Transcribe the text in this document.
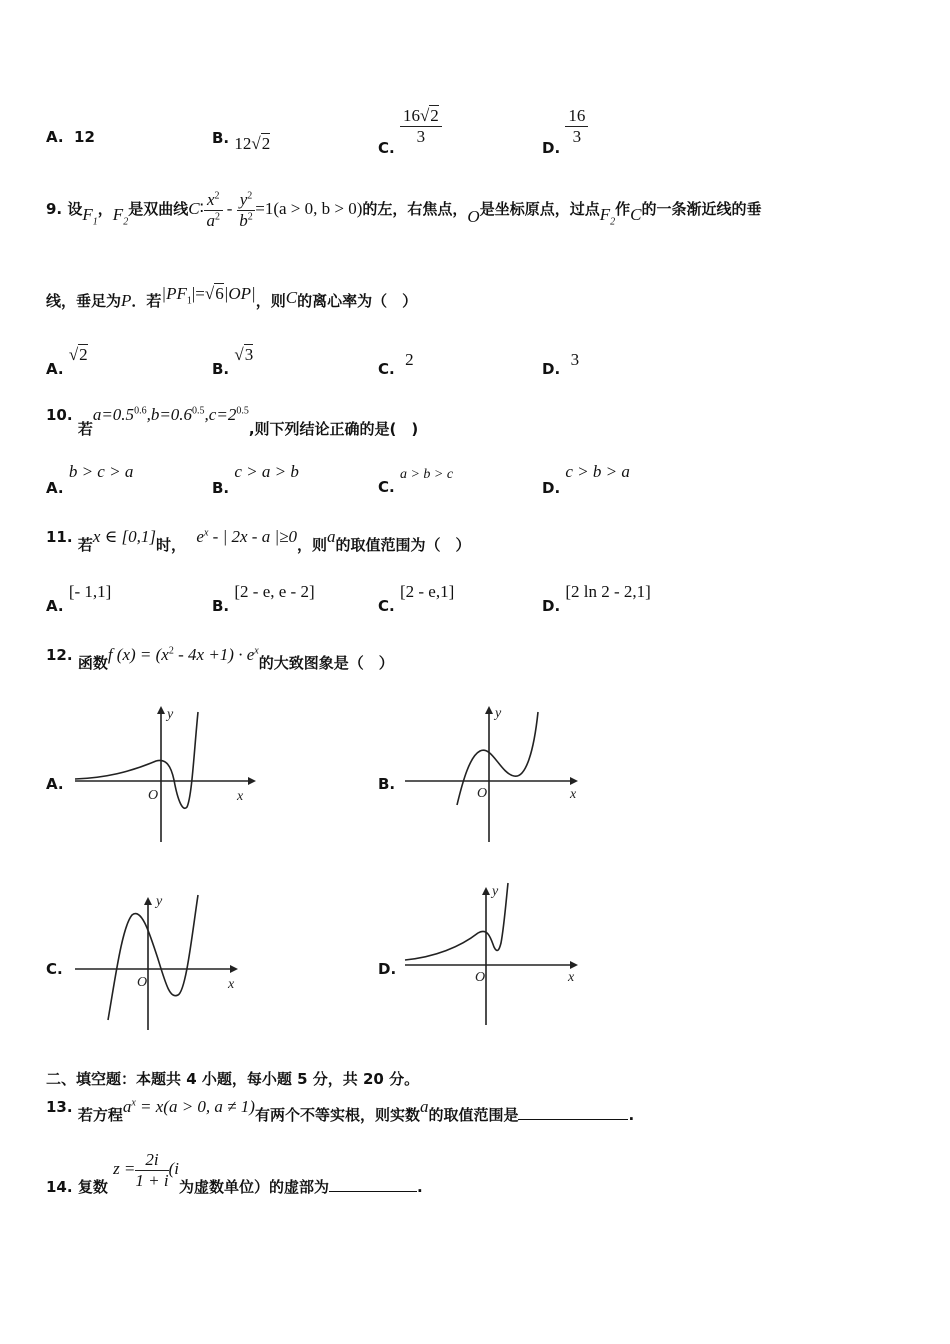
A. 12	B. 12√2	C.
$\frac{16√2}{3}$
D.
$\frac{16}{3}$
9. 设$F_1$，$F_2$是双曲线C∶ $\frac{x^2}{a^2} - \frac{y^2}{b^2} =1(a > 0$, b > 0)的左，右焦点，O是坐标原点，过点$F_2$作C的一条渐近线的垂
线，垂足为P．若$|PF_1|=√6|OP|$，则C的离心率为（　）
A. √2
B. √3
C. 2	D. 3
10. 若$a=0.5^{0.6},b=0.6^{0.5},c=2^{0.5}$,则下列结论正确的是(　)
A. b > c > a
B. c > a > b
C. a > b > c
D. c > b > a
11. 若x ∈ [0,1]时， $e^x$ - | 2x - a |≥0，则a的取值范围为（　）
A. [- 1,1]
B. [2 - e, e - 2]
C. [2 - e,1]
D. [2 ln 2 - 2,1]
12. 函数f $(x) = (x^2 - 4x +1) \cdot e^x$的大致图象是（　）
A.
x
y
O
B.
x
y
O
C.
x
y
O
D.	x
y
O
二、填空题：本题共 4 小题，每小题 5 分，共 20 分。
13. 若方程$a^x = x(a > 0$, a ≠ 1)有两个不等实根，则实数a的取值范围是	.
14. 复数 $z = \frac{2i}{1 + i} (i$为虚数单位）的虚部为	.
